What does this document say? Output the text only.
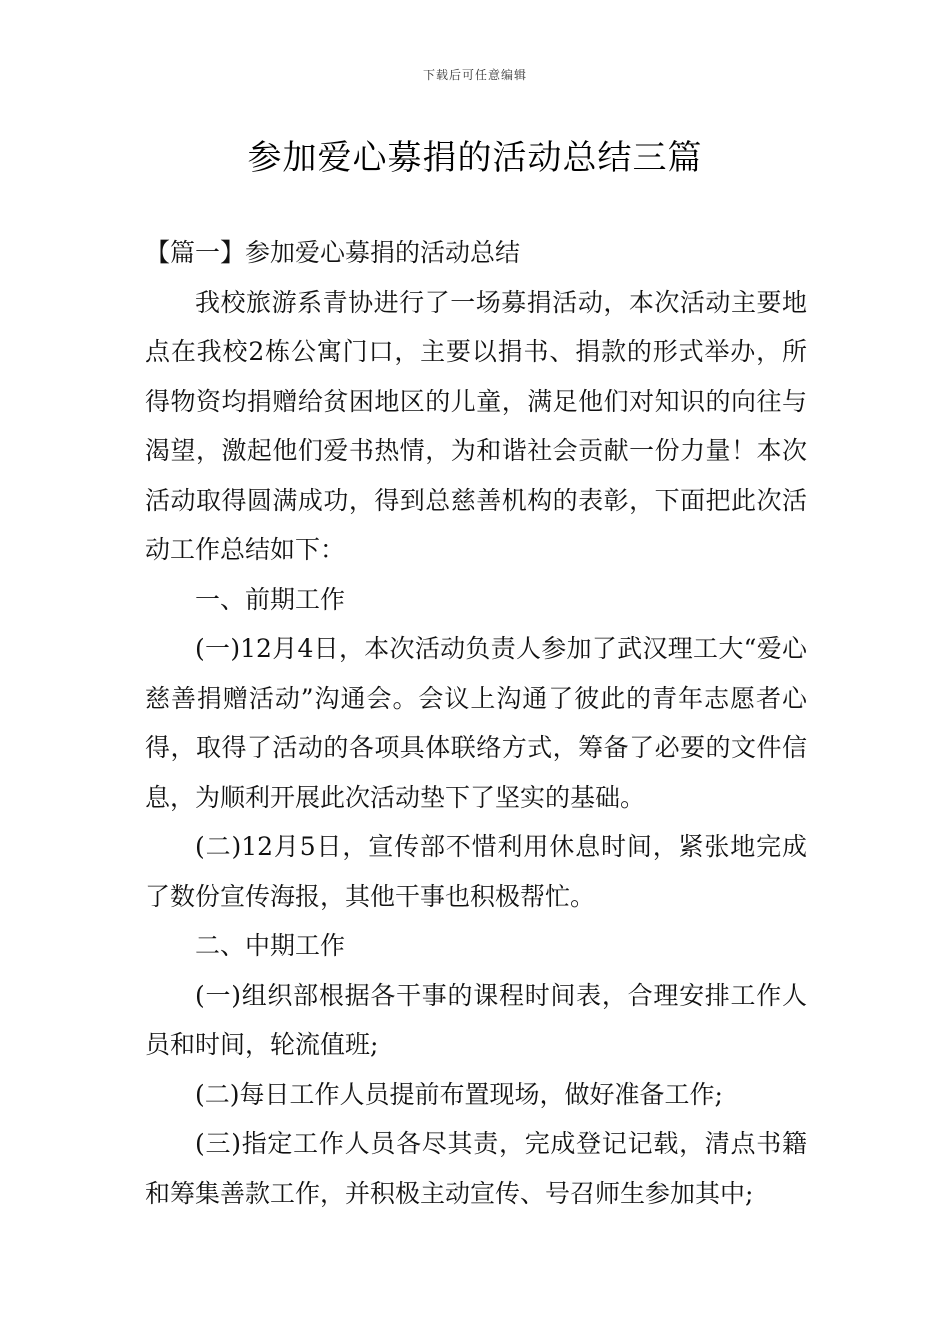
下载后可任意编辑
参加爱心募捐的活动总结三篇

【篇一】参加爱心募捐的活动总结

我校旅游系青协进行了一场募捐活动，本次活动主要地点在我校2栋公寓门口，主要以捐书、捐款的形式举办，所得物资均捐赠给贫困地区的儿童，满足他们对知识的向往与渴望，激起他们爱书热情，为和谐社会贡献一份力量！本次活动取得圆满成功，得到总慈善机构的表彰，下面把此次活动工作总结如下：

一、前期工作

(一)12月4日，本次活动负责人参加了武汉理工大“爱心慈善捐赠活动”沟通会。会议上沟通了彼此的青年志愿者心得，取得了活动的各项具体联络方式，筹备了必要的文件信息，为顺利开展此次活动垫下了坚实的基础。

(二)12月5日，宣传部不惜利用休息时间，紧张地完成了数份宣传海报，其他干事也积极帮忙。

二、中期工作

(一)组织部根据各干事的课程时间表，合理安排工作人员和时间，轮流值班;

(二)每日工作人员提前布置现场，做好准备工作;

(三)指定工作人员各尽其责，完成登记记载，清点书籍和筹集善款工作，并积极主动宣传、号召师生参加其中;
